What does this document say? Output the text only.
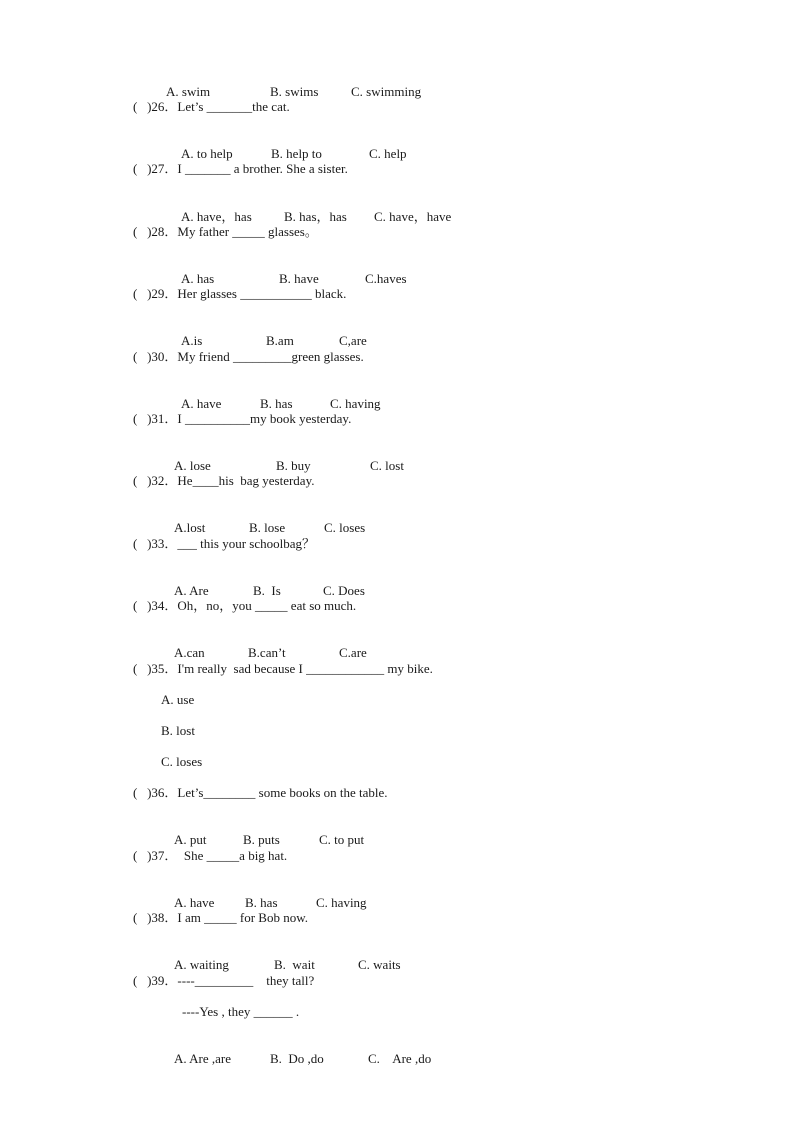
A. swim	B. swims	C. swimming

(   )26．Let’s _______the cat.

A. to help	B. help to	C. help

(   )27．I _______ a brother. She a sister.

A. have，has B. has，has C. have，have

(   )28．My father _____ glasses。

A. has	B. have	C.haves

(   )29．Her glasses ___________ black.

A.is	B.am	C,are

(   )30．My friend _________green glasses.

A. have	B. has	C. having

(   )31．I __________my book yesterday.

A. lose	B. buy	C. lost

(   )32．He____his  bag yesterday.

A.lost	B. lose	C. loses

(   )33．___ this your schoolbag？

A. Are	B.  Is	C. Does

(   )34．Oh，no，you _____ eat so much.

A.can	B.can’t	C.are

(   )35．I'm really  sad because I ____________ my bike.
A. use
B. lost
C. loses
(   )36．Let’s________ some books on the table.

A. put	B. puts	C. to put

(   )37．  She _____a big hat.

A. have B. has	C. having

(   )38．I am _____ for Bob now.

A. waiting	B.  wait	C. waits

(   )39．----_________    they tall?
----Yes , they ______ .

A. Are ,are	B.  Do ,do	C.    Are ,do
